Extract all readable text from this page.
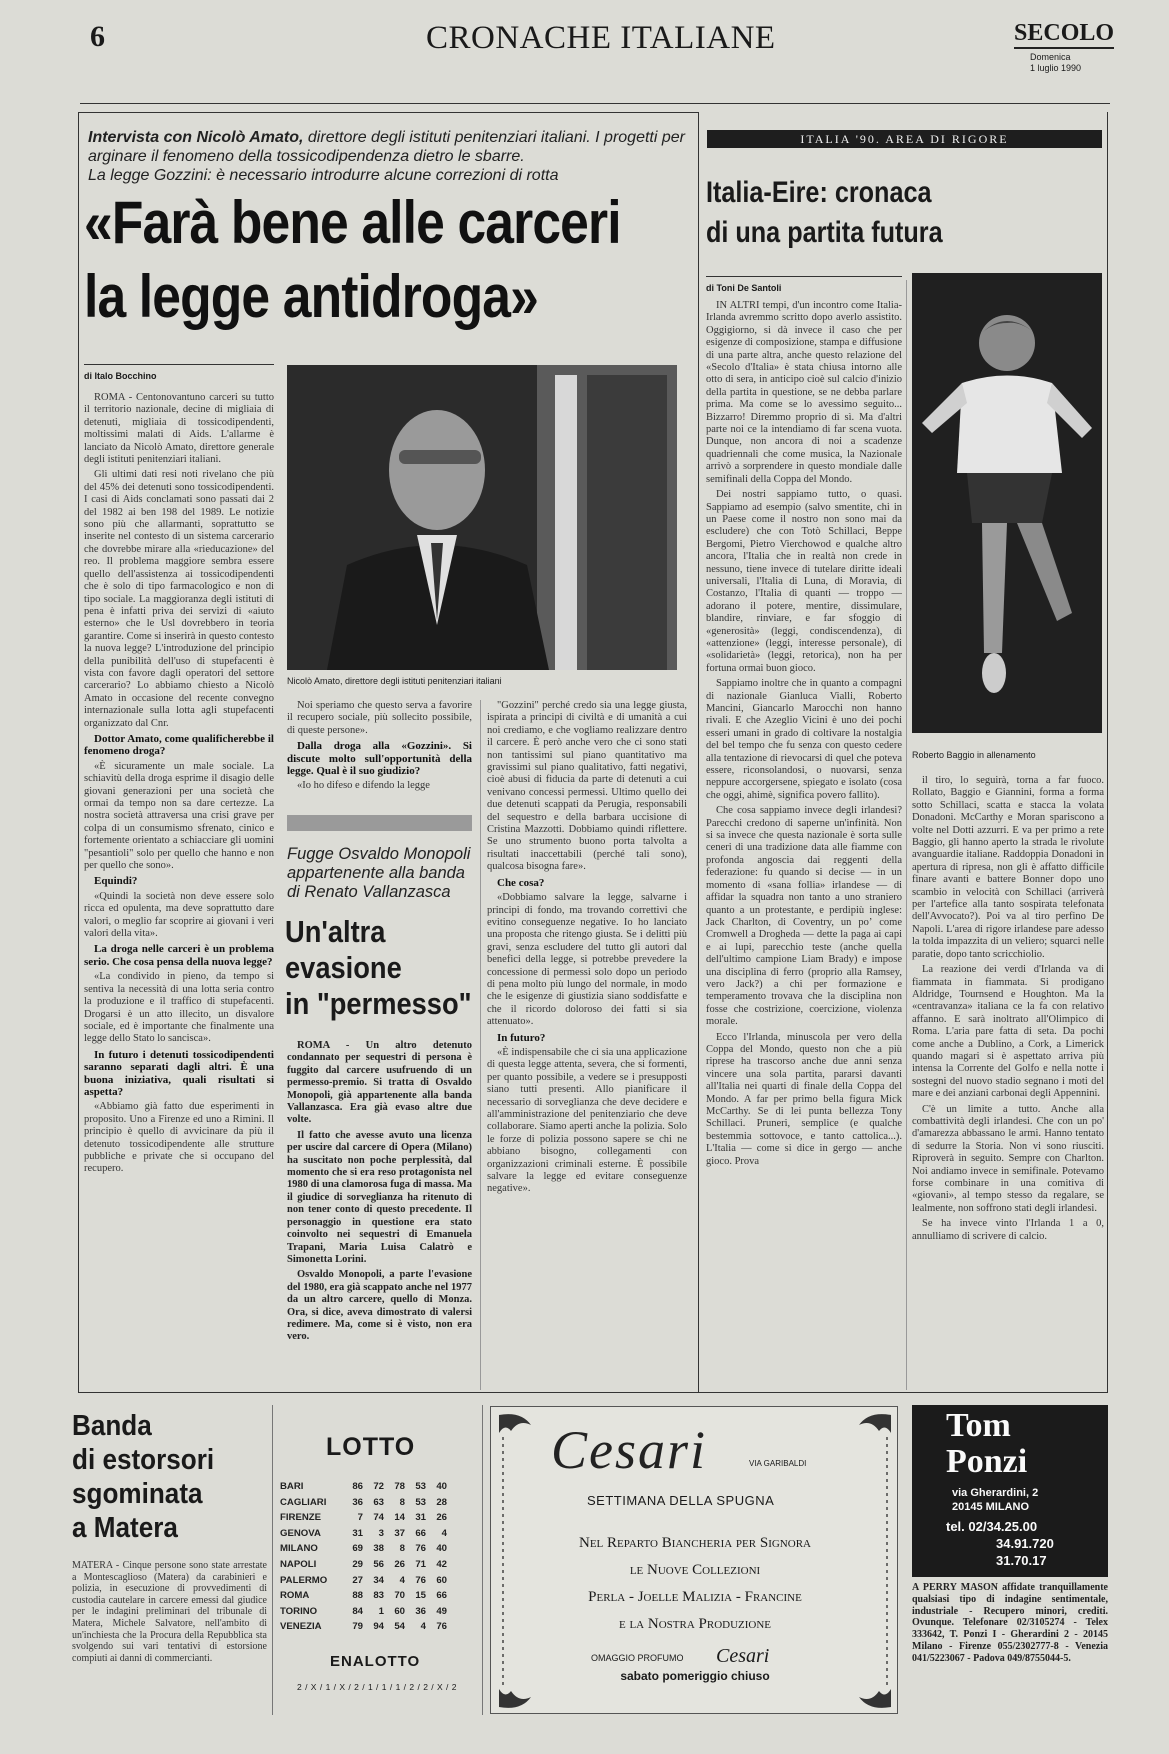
6	CRONACHE ITALIANE	SECOLO
Domenica
1 luglio 1990
Intervista con Nicolò Amato, direttore degli istituti penitenziari italiani. I progetti per arginare il fenomeno della tossicodipendenza dietro le sbarre.
La legge Gozzini: è necessario introdurre alcune correzioni di rotta
«Farà bene alle carceri
la legge antidroga»
di Italo Bocchino

ROMA - Centonovantuno carceri su tutto il territorio nazionale, decine di migliaia di detenuti, migliaia di tossicodipendenti, moltissimi malati di Aids. L'allarme è lanciato da Nicolò Amato, direttore generale degli istituti penitenziari italiani.

Gli ultimi dati resi noti rivelano che più del 45% dei detenuti sono tossicodipendenti. I casi di Aids conclamati sono passati dai 2 del 1982 ai ben 198 del 1989. Le notizie sono più che allarmanti, soprattutto se inserite nel contesto di un sistema carcerario che dovrebbe mirare alla «rieducazione» del reo. Il problema maggiore sembra essere quello dell'assistenza ai tossicodipendenti che è solo di tipo farmacologico e non di tipo sociale. La maggioranza degli istituti di pena è infatti priva dei servizi di «aiuto esterno» che le Usl dovrebbero in teoria garantire. Come si inserirà in questo contesto la nuova legge? L'introduzione del principio della punibilità dell'uso di stupefacenti è vista con favore dagli operatori del settore carcerario? Lo abbiamo chiesto a Nicolò Amato in occasione del recente convegno internazionale sulla lotta agli stupefacenti organizzato dal Cnr.

Dottor Amato, come qualificherebbe il fenomeno droga?

«È sicuramente un male sociale. La schiavitù della droga esprime il disagio delle giovani generazioni per una società che ormai da tempo non sa dare certezze. La nostra società attraversa una crisi grave per colpa di un consumismo sfrenato, cinico e fortemente orientato a schiacciare gli uomini "pesantioli" solo per quello che hanno e non per quello che sono».

Equindi?

«Quindi la società non deve essere solo ricca ed opulenta, ma deve soprattutto dare valori, o meglio far scoprire ai giovani i veri valori della vita».

La droga nelle carceri è un problema serio. Che cosa pensa della nuova legge?

«La condivido in pieno, da tempo si sentiva la necessità di una lotta seria contro la produzione e il traffico di stupefacenti. Drogarsi è un atto illecito, un disvalore sociale, ed è importante che finalmente una legge dello Stato lo sancisca».

In futuro i detenuti tossicodipendenti saranno separati dagli altri. È una buona iniziativa, quali risultati si aspetta?

«Abbiamo già fatto due esperimenti in proposito. Uno a Firenze ed uno a Rimini. Il principio è quello di avvicinare da più il detenuto tossicodipendente alle strutture pubbliche e private che si occupano del recupero.

Nicolò Amato, direttore degli istituti penitenziari italiani

Noi speriamo che questo serva a favorire il recupero sociale, più sollecito possibile, di queste persone».

Dalla droga alla «Gozzini». Si discute molto sull'opportunità della legge. Qual è il suo giudizio?

«Io ho difeso e difendo la legge

"Gozzini" perché credo sia una legge giusta, ispirata a principi di civiltà e di umanità a cui noi crediamo, e che vogliamo realizzare dentro il carcere. È però anche vero che ci sono stati non tantissimi sul piano quantitativo ma gravissimi sul piano qualitativo, fatti negativi, cioè abusi di fiducia da parte di detenuti a cui venivano concessi permessi. Ultimo quello dei due detenuti scappati da Perugia, responsabili del sequestro e della barbara uccisione di Cristina Mazzotti. Dobbiamo quindi riflettere. Se uno strumento buono porta talvolta a risultati inaccettabili (perché tali sono), qualcosa bisogna fare».

Che cosa?

«Dobbiamo salvare la legge, salvarne i principi di fondo, ma trovando correttivi che evitino conseguenze negative. Io ho lanciato una proposta che ritengo giusta. Se i delitti più gravi, senza escludere del tutto gli autori dal benefici della legge, si potrebbe prevedere la concessione di permessi solo dopo un periodo di pena molto più lungo del normale, in modo che le esigenze di giustizia siano soddisfatte e che il ricordo doloroso dei fatti si sia attenuato».

In futuro?

«È indispensabile che ci sia una applicazione di questa legge attenta, severa, che si formenti, per quanto possibile, a vedere se i presupposti siano tutti presenti. Allo pianificare il necessario di sorveglianza che deve decidere e all'amministrazione del penitenziario che deve collaborare. Siamo aperti anche la polizia. Solo le forze di polizia possono sapere se chi ne abbiano bisogno, collegamenti con organizzazioni criminali esterne. È possibile salvare la legge ed evitare conseguenze negative».

Fugge Osvaldo Monopoli appartenente alla banda di Renato Vallanzasca
Un'altra
evasione
in "permesso"

ROMA - Un altro detenuto condannato per sequestri di persona è fuggito dal carcere usufruendo di un permesso-premio. Si tratta di Osvaldo Monopoli, già appartenente alla banda Vallanzasca. Era già evaso altre due volte.

Il fatto che avesse avuto una licenza per uscire dal carcere di Opera (Milano) ha suscitato non poche perplessità, dal momento che si era reso protagonista nel 1980 di una clamorosa fuga di massa. Ma il giudice di sorveglianza ha ritenuto di non tener conto di questo precedente. Il personaggio in questione era stato coinvolto nei sequestri di Emanuela Trapani, Maria Luisa Calatrò e Simonetta Lorini.

Osvaldo Monopoli, a parte l'evasione del 1980, era già scappato anche nel 1977 da un altro carcere, quello di Monza. Ora, si dice, aveva dimostrato di valersi redimere. Ma, come si è visto, non era vero.

ITALIA '90. AREA DI RIGORE
Italia-Eire: cronaca
di una partita futura
di Toni De Santoli

IN ALTRI tempi, d'un incontro come Italia-Irlanda avremmo scritto dopo averlo assistito. Oggigiorno, si dà invece il caso che per esigenze di composizione, stampa e diffusione di una parte altra, anche questo relazione del «Secolo d'Italia» è stata chiusa intorno alle otto di sera, in anticipo cioè sul calcio d'inizio della partita in questione, se ne debba parlare prima. Ma come se lo avessimo seguito... Bizzarro! Diremmo proprio di sì. Ma d'altri parte noi ce la intendiamo di far scena vuota. Dunque, non ancora di noi a scadenze quadriennali che come musica, la Nazionale arrivò a sorprendere in questo mondiale dalle semifinali della Coppa del Mondo.

Dei nostri sappiamo tutto, o quasi. Sappiamo ad esempio (salvo smentite, chi in un Paese come il nostro non sono mai da escludere) che con Totò Schillaci, Beppe Bergomi, Pietro Vierchowod e qualche altro ancora, l'Italia che in realtà non crede in nessuno, tiene invece di tutelare diritte ideali universali, l'Italia di Luna, di Moravia, di Costanzo, l'Italia di quanti — troppo — adorano il potere, mentire, dissimulare, blandire, rinviare, e far sfoggio di «generosità» (leggi, condiscendenza), di «attenzione» (leggi, interesse personale), di «solidarietà» (leggi, retorica), non ha per fortuna ormai buon gioco.

Sappiamo inoltre che in quanto a compagni di nazionale Gianluca Vialli, Roberto Mancini, Giancarlo Marocchi non hanno rivali. E che Azeglio Vicini è uno dei pochi esseri umani in grado di coltivare la nostalgia del bel tempo che fu senza con questo cedere alla tentazione di rievocarsi di quel che poteva essere, riconsolandosi, o nuovarsi, senza neppure accorgersene, spiegato e isolato (cosa che oggi, ahimè, significa povero fallito).

Che cosa sappiamo invece degli irlandesi? Parecchi credono di saperne un'infinità. Non si sa invece che questa nazionale è sorta sulle ceneri di una tradizione data alle fiamme con profonda angoscia dai reggenti della federazione: fu quando si decise — in un momento di «sana follia» irlandese — di affidar la squadra non tanto a uno straniero quanto a un protestante, e perdipiù inglese: Jack Charlton, di Coventry, un poʼ come Cromwell a Drogheda — dette la paga ai capi e ai lupi, parecchio teste (anche quella dell'ultimo campione Liam Brady) e impose una disciplina di ferro (proprio alla Ramsey, vero Jack?) a chi per formazione e temperamento trovava che la disciplina non fosse che costrizione, coercizione, violenza morale.

Ecco l'Irlanda, minuscola per vero della Coppa del Mondo, questo non che a più riprese ha trascorso anche due anni senza vincere una sola partita, pararsi davanti all'Italia nei quarti di finale della Coppa del Mondo. A far per primo bella figura Mick McCarthy. Se di lei punta bellezza Tony Schillaci. Pruneri, semplice (e qualche bestemmia sottovoce, e tanto cattolica...). L'Italia — come si dice in gergo — anche gioco. Prova

Roberto Baggio in allenamento

il tiro, lo seguirà, torna a far fuoco. Rollato, Baggio e Giannini, forma a forma sotto Schillaci, scatta e stacca la volata Donadoni. McCarthy e Moran spariscono a volte nel Dotti azzurri. E va per primo a rete Baggio, gli hanno aperto la strada le rivolute avanguardie italiane. Raddoppia Donadoni in apertura di ripresa, non gli è affatto difficile finare avanti e battere Bonner dopo uno scambio in velocità con Schillaci (arriverà per l'artefice alla tanto sospirata telefonata dell'Avvocato?). Poi va al tiro perfino De Napoli. L'area di rigore irlandese pare adesso la tolda impazzita di un veliero; squarci nelle paratie, dopo tanto scricchiolio.

La reazione dei verdi d'Irlanda va di fiammata in fiammata. Si prodigano Aldridge, Tournsend e Houghton. Ma la «centravanza» italiana ce la fa con relativo affanno. E sarà inoltrato all'Olimpico di Roma. L'aria pare fatta di seta. Da pochi come anche a Dublino, a Cork, a Limerick quando magari si è aspettato arriva più intensa la Corrente del Golfo e nella notte i sostegni del nuovo stadio segnano i moti del mare e dei anziani carbonai degli Appennini.

C'è un limite a tutto. Anche alla combattività degli irlandesi. Che con un po' d'amarezza abbassano le armi. Hanno tentato di sedurre la Storia. Non vi sono riusciti. Riproverà in seguito. Sempre con Charlton. Noi andiamo invece in semifinale. Potevamo forse combinare in una comitiva di «giovani», al tempo stesso da regalare, se lealmente, non soffrono stati degli irlandesi.

Se ha invece vinto l'Irlanda 1 a 0, annulliamo di scrivere di calcio.

Banda
di estorsori
sgominata
a Matera
MATERA - Cinque persone sono state arrestate a Montescaglioso (Matera) da carabinieri e polizia, in esecuzione di provvedimenti di custodia cautelare in carcere emessi dal giudice per le indagini preliminari del tribunale di Matera, Michele Salvatore, nell'ambito di un'inchiesta che la Procura della Repubblica sta svolgendo sui vari tentativi di estorsione compiuti ai danni di commercianti.
LOTTO
BARI	86	72	78	53	40
CAGLIARI	36	63	8	53	28
FIRENZE	7	74	14	31	26
GENOVA	31	3	37	66	4
MILANO	69	38	8	76	40
NAPOLI	29	56	26	71	42
PALERMO	27	34	4	76	60
ROMA	88	83	70	15	66
TORINO	84	1	60	36	49
VENEZIA	79	94	54	4	76
ENALOTTO
2 / X / 1 / X / 2 / 1 / 1 / 1 / 2 / 2 / X / 2
Cesari	VIA GARIBALDI
SETTIMANA DELLA SPUGNA
Nel Reparto Biancheria per Signora
le Nuove Collezioni
Perla - Joelle Malizia - Francine
e la Nostra Produzione
OMAGGIO PROFUMO Cesari
sabato pomeriggio chiuso
Tom
Ponzi
via Gherardini, 2
20145 MILANO
tel. 02/34.25.00
34.91.720
31.70.17
A PERRY MASON affidate tranquillamente qualsiasi tipo di indagine sentimentale, industriale - Recupero minori, crediti. Ovunque. Telefonare 02/3105274 - Telex 333642, T. Ponzi I - Gherardini 2 - 20145 Milano - Firenze 055/2302777-8 - Venezia 041/5223067 - Padova 049/8755044-5.
